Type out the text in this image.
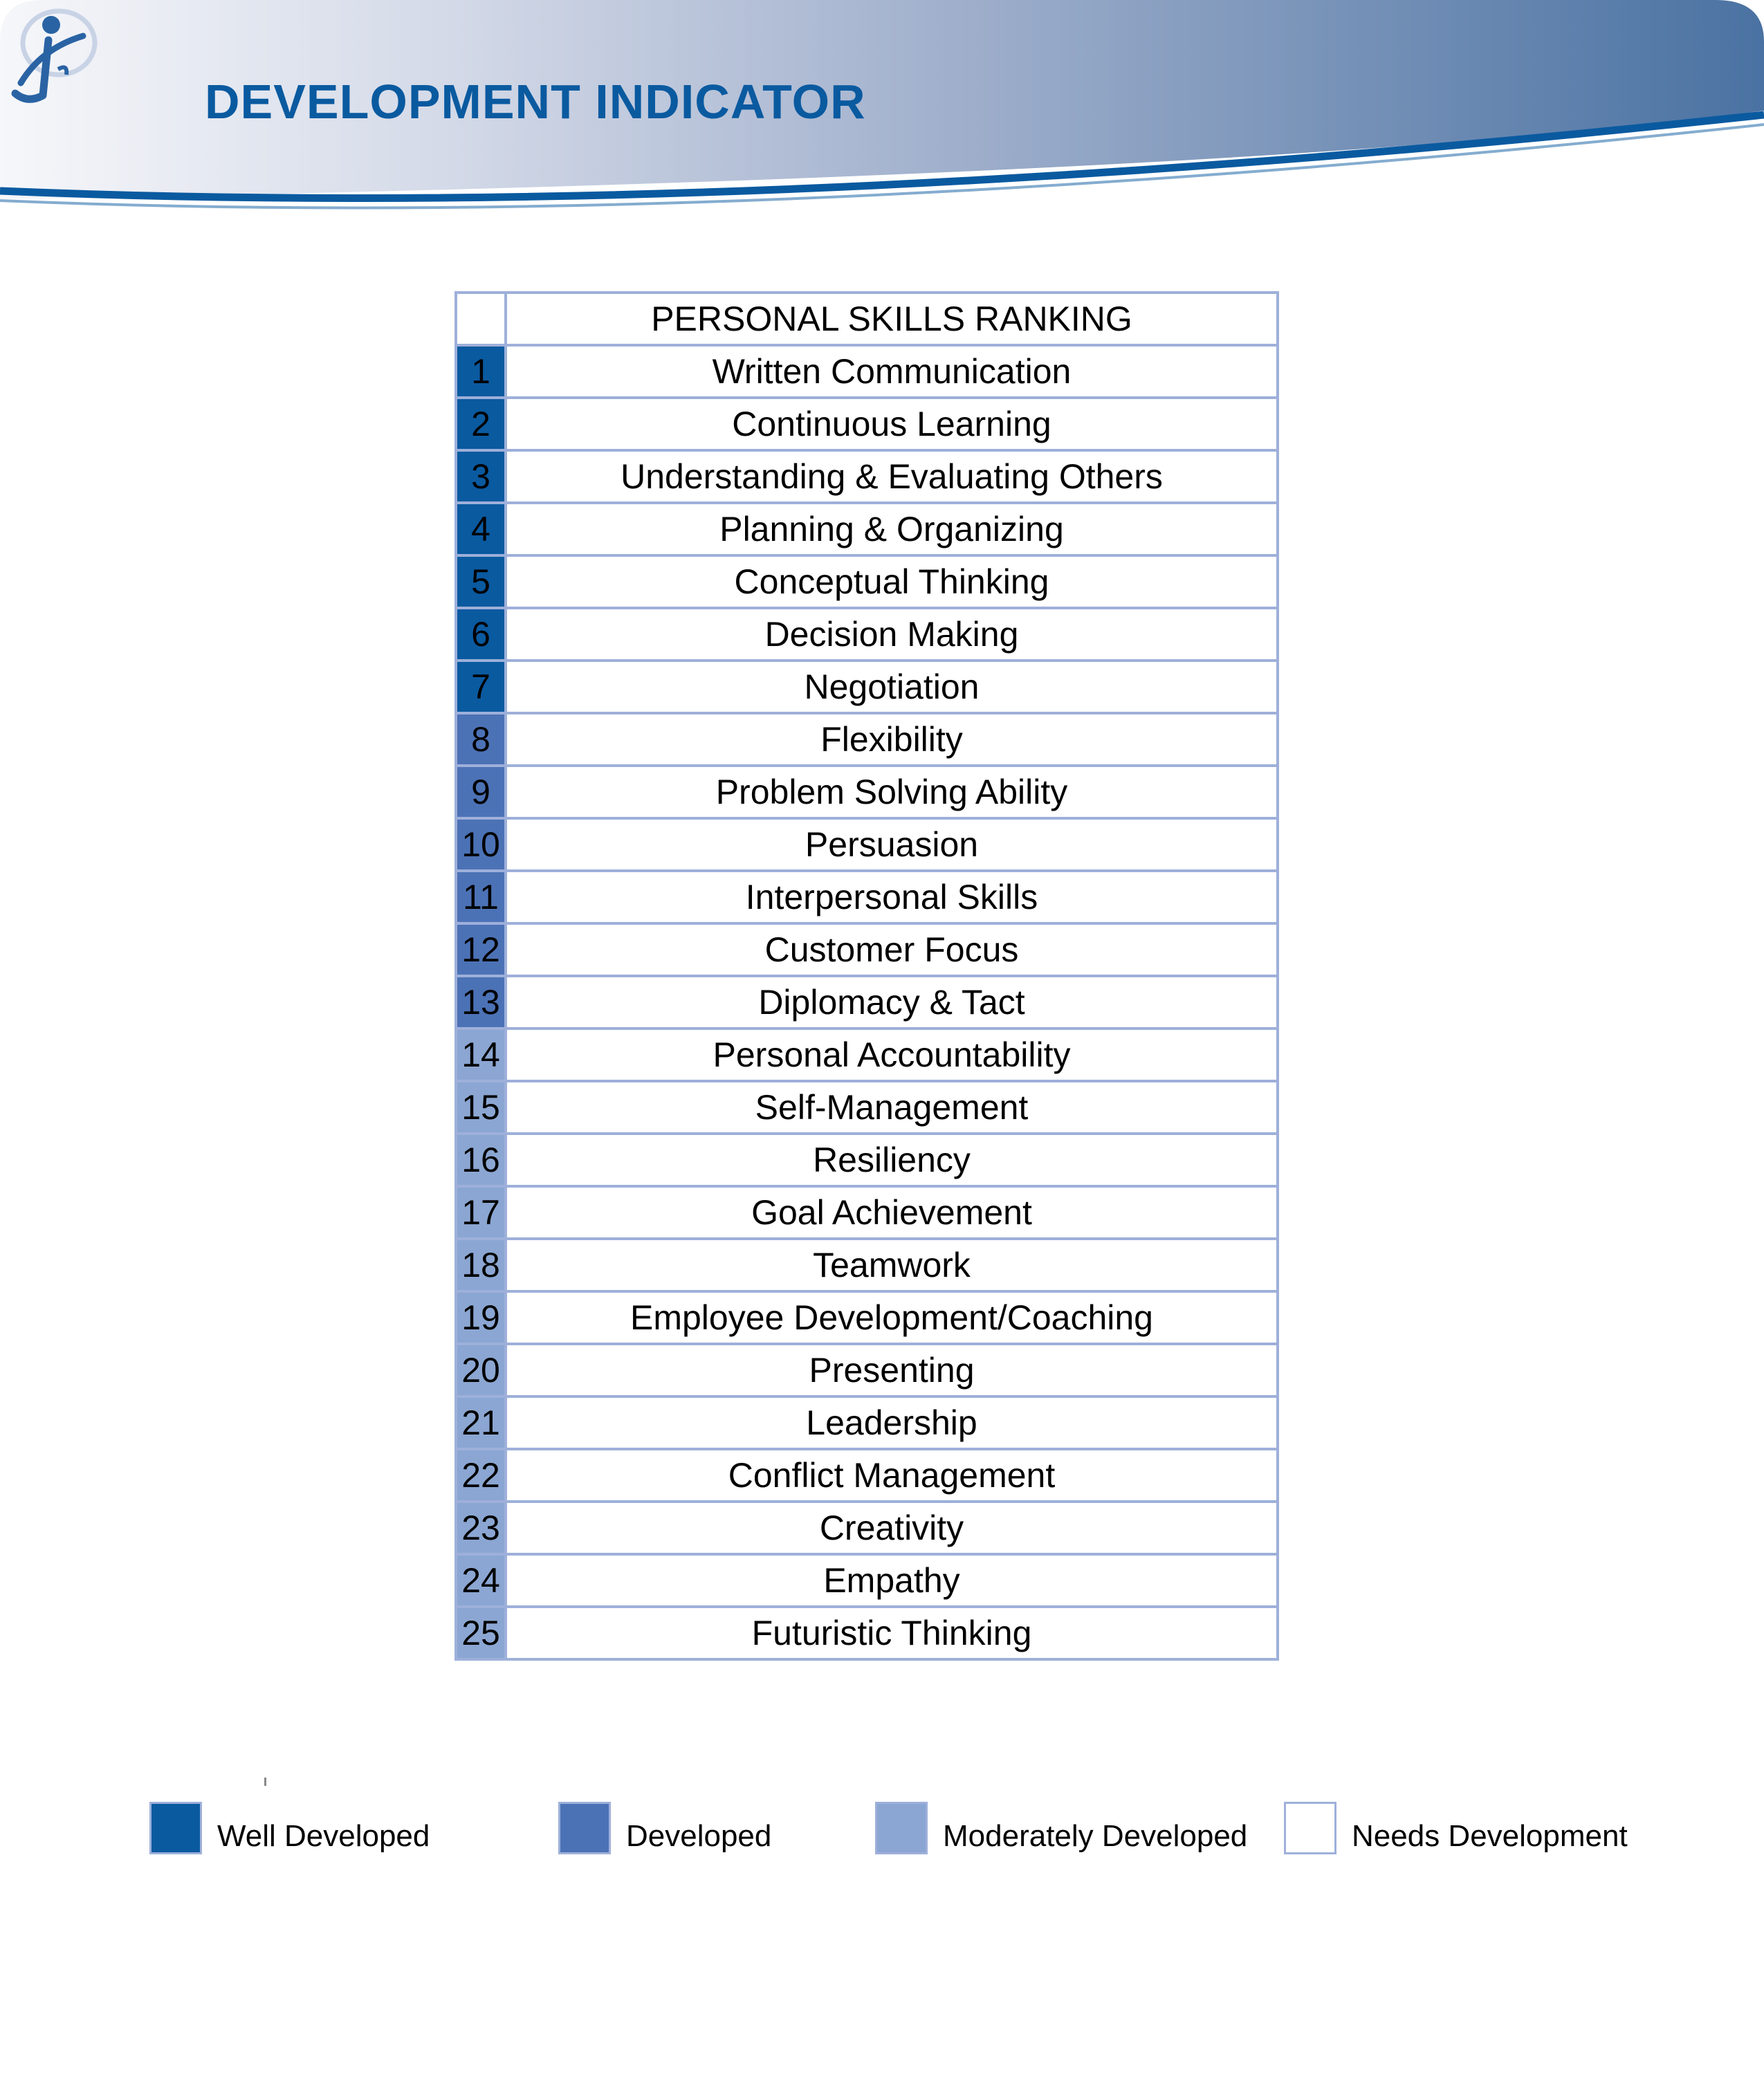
DEVELOPMENT INDICATOR
	PERSONAL SKILLS RANKING
1	Written Communication
2	Continuous Learning
3	Understanding & Evaluating Others
4	Planning & Organizing
5	Conceptual Thinking
6	Decision Making
7	Negotiation
8	Flexibility
9	Problem Solving Ability
10	Persuasion
11	Interpersonal Skills
12	Customer Focus
13	Diplomacy & Tact
14	Personal Accountability
15	Self-Management
16	Resiliency
17	Goal Achievement
18	Teamwork
19	Employee Development/Coaching
20	Presenting
21	Leadership
22	Conflict Management
23	Creativity
24	Empathy
25	Futuristic Thinking
Well Developed	Developed	Moderately Developed	Needs Development
